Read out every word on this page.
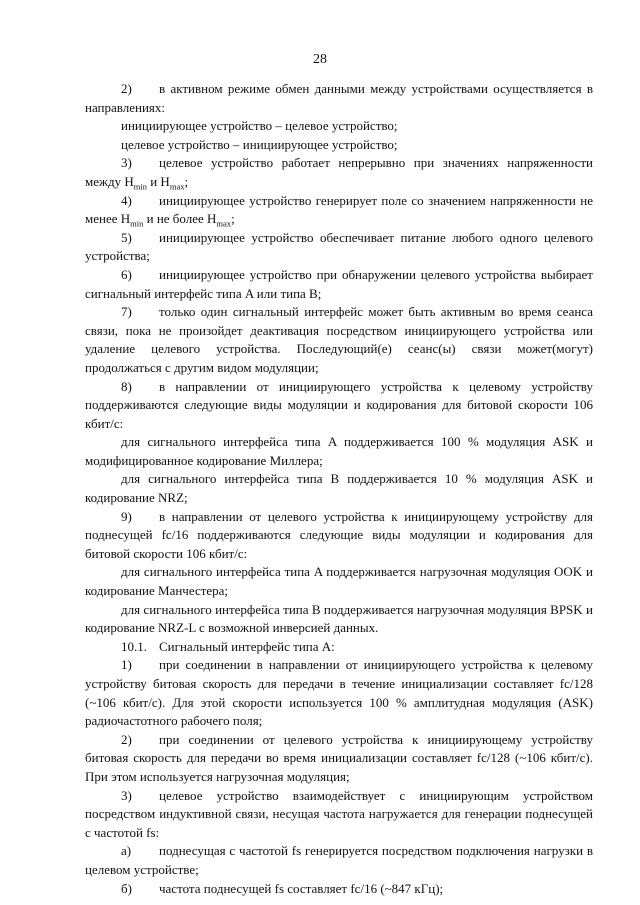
28

2) в активном режиме обмен данными между устройствами осуществляется в направлениях:

инициирующее устройство – целевое устройство;

целевое устройство – инициирующее устройство;

3) целевое устройство работает непрерывно при значениях напряженности между $H_{min}$ и $H_{max}$;

4) инициирующее устройство генерирует поле со значением напряженности не менее $H_{min}$ и не более $H_{max}$;

5) инициирующее устройство обеспечивает питание любого одного целевого устройства;

6) инициирующее устройство при обнаружении целевого устройства выбирает сигнальный интерфейс типа A или типа B;

7) только один сигнальный интерфейс может быть активным во время сеанса связи, пока не произойдет деактивация посредством инициирующего устройства или удаление целевого устройства. Последующий(е) сеанс(ы) связи может(могут) продолжаться с другим видом модуляции;

8) в направлении от инициирующего устройства к целевому устройству поддерживаются следующие виды модуляции и кодирования для битовой скорости 106 кбит/с:

для сигнального интерфейса типа A поддерживается 100 % модуляция ASK и модифицированное кодирование Миллера;

для сигнального интерфейса типа B поддерживается 10 % модуляция ASK и кодирование NRZ;

9) в направлении от целевого устройства к инициирующему устройству для поднесущей fc/16 поддерживаются следующие виды модуляции и кодирования для битовой скорости 106 кбит/с:

для сигнального интерфейса типа A поддерживается нагрузочная модуляция OOK и кодирование Манчестера;

для сигнального интерфейса типа B поддерживается нагрузочная модуляция BPSK и кодирование NRZ-L с возможной инверсией данных.

10.1. Сигнальный интерфейс типа A:

1) при соединении в направлении от инициирующего устройства к целевому устройству битовая скорость для передачи в течение инициализации составляет fc/128 (~106 кбит/с). Для этой скорости используется 100 % амплитудная модуляция (ASK) радиочастотного рабочего поля;

2) при соединении от целевого устройства к инициирующему устройству битовая скорость для передачи во время инициализации составляет fc/128 (~106 кбит/с). При этом используется нагрузочная модуляция;

3) целевое устройство взаимодействует с инициирующим устройством посредством индуктивной связи, несущая частота нагружается для генерации поднесущей с частотой fs:

а) поднесущая с частотой fs генерируется посредством подключения нагрузки в целевом устройстве;

б) частота поднесущей fs составляет fc/16 (~847 кГц);
